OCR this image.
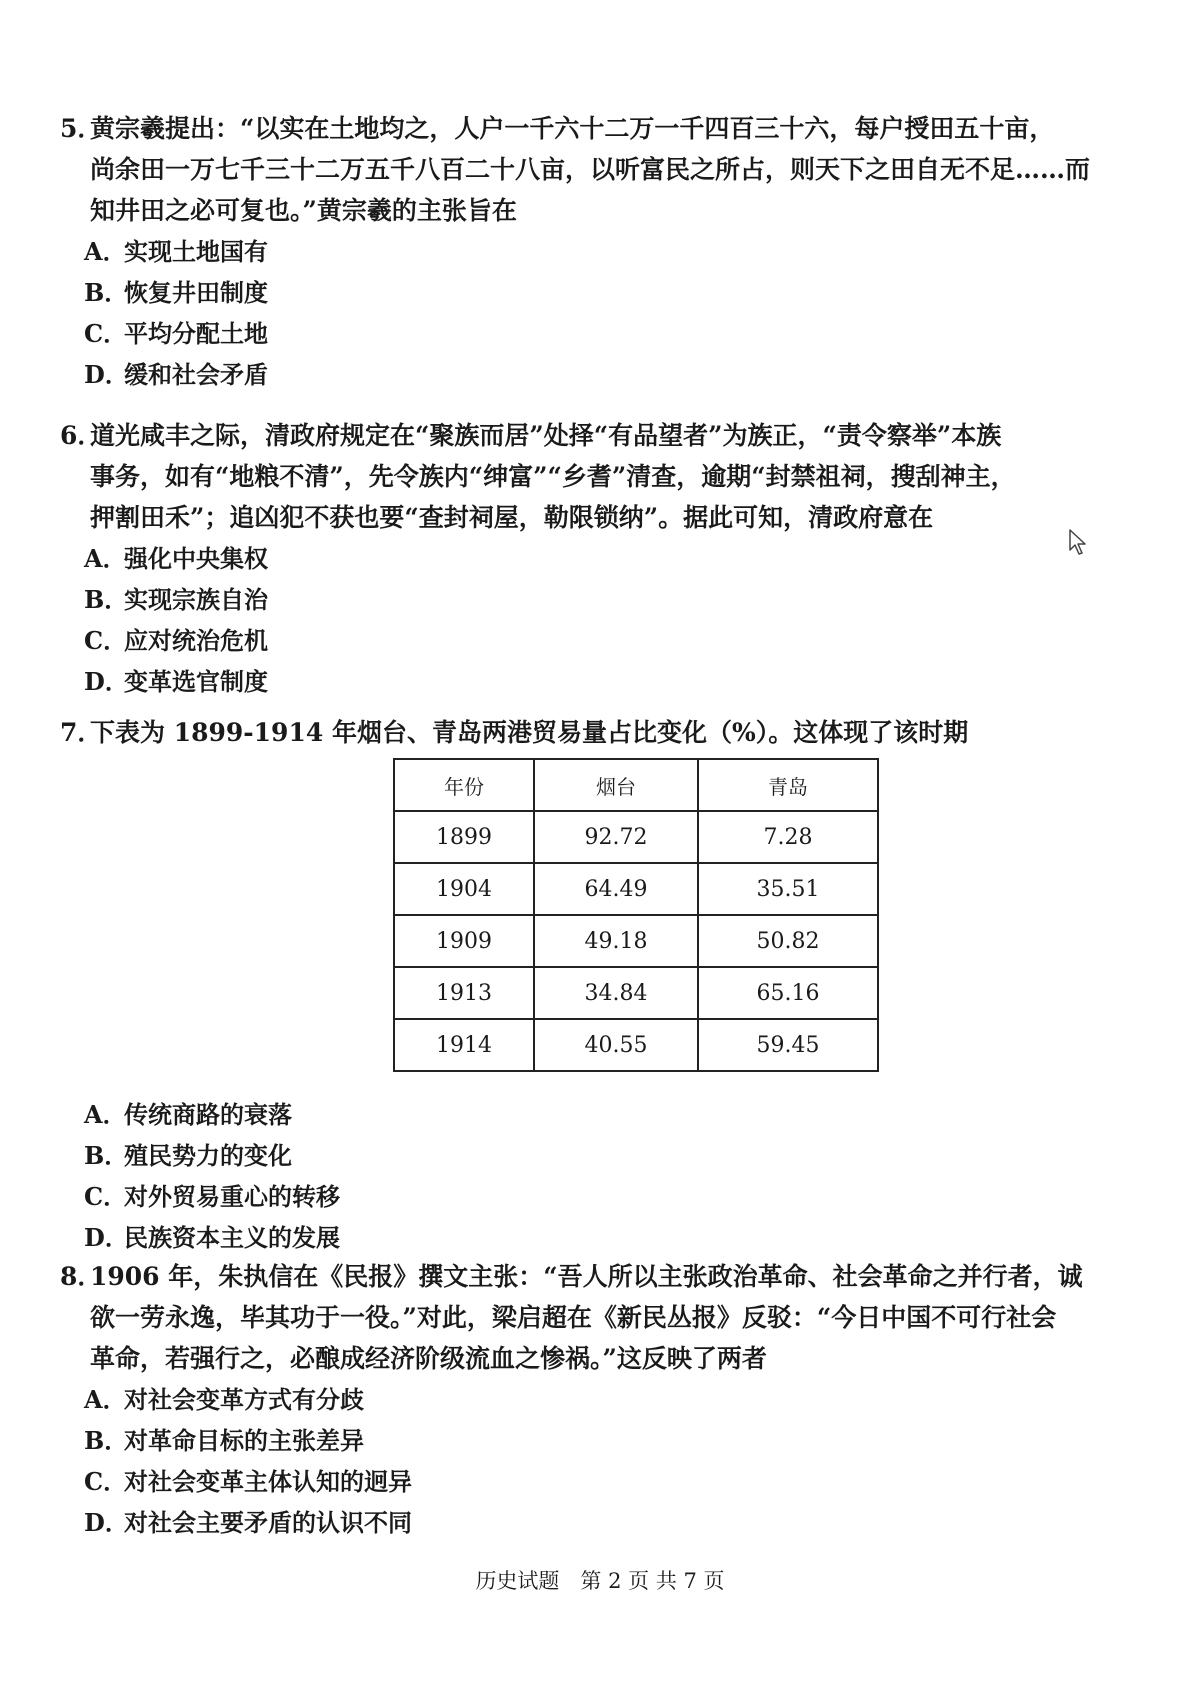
5．黄宗羲提出：“以实在土地均之，人户一千六十二万一千四百三十六，每户授田五十亩，
尚余田一万七千三十二万五千八百二十八亩，以听富民之所占，则天下之田自无不足……而
知井田之必可复也。”黄宗羲的主张旨在

A．实现土地国有

B．恢复井田制度

C．平均分配土地

D．缓和社会矛盾

6．道光咸丰之际，清政府规定在“聚族而居”处择“有品望者”为族正，“责令察举”本族
事务，如有“地粮不清”，先令族内“绅富”“乡耆”清查，逾期“封禁祖祠，搜刮神主，
押割田禾”；追凶犯不获也要“查封祠屋，勒限锁纳”。据此可知，清政府意在

A．强化中央集权

B．实现宗族自治

C．应对统治危机

D．变革选官制度

7．下表为 1899-1914 年烟台、青岛两港贸易量占比变化（%）。这体现了该时期

年份	烟台	青岛
1899	92.72	7.28
1904	64.49	35.51
1909	49.18	50.82
1913	34.84	65.16
1914	40.55	59.45

A．传统商路的衰落

B．殖民势力的变化

C．对外贸易重心的转移

D．民族资本主义的发展

8．1906 年，朱执信在《民报》撰文主张：“吾人所以主张政治革命、社会革命之并行者，诚
欲一劳永逸，毕其功于一役。”对此，梁启超在《新民丛报》反驳：“今日中国不可行社会
革命，若强行之，必酿成经济阶级流血之惨祸。”这反映了两者

A．对社会变革方式有分歧

B．对革命目标的主张差异

C．对社会变革主体认知的迥异

D．对社会主要矛盾的认识不同

历史试题　第 2 页 共 7 页
